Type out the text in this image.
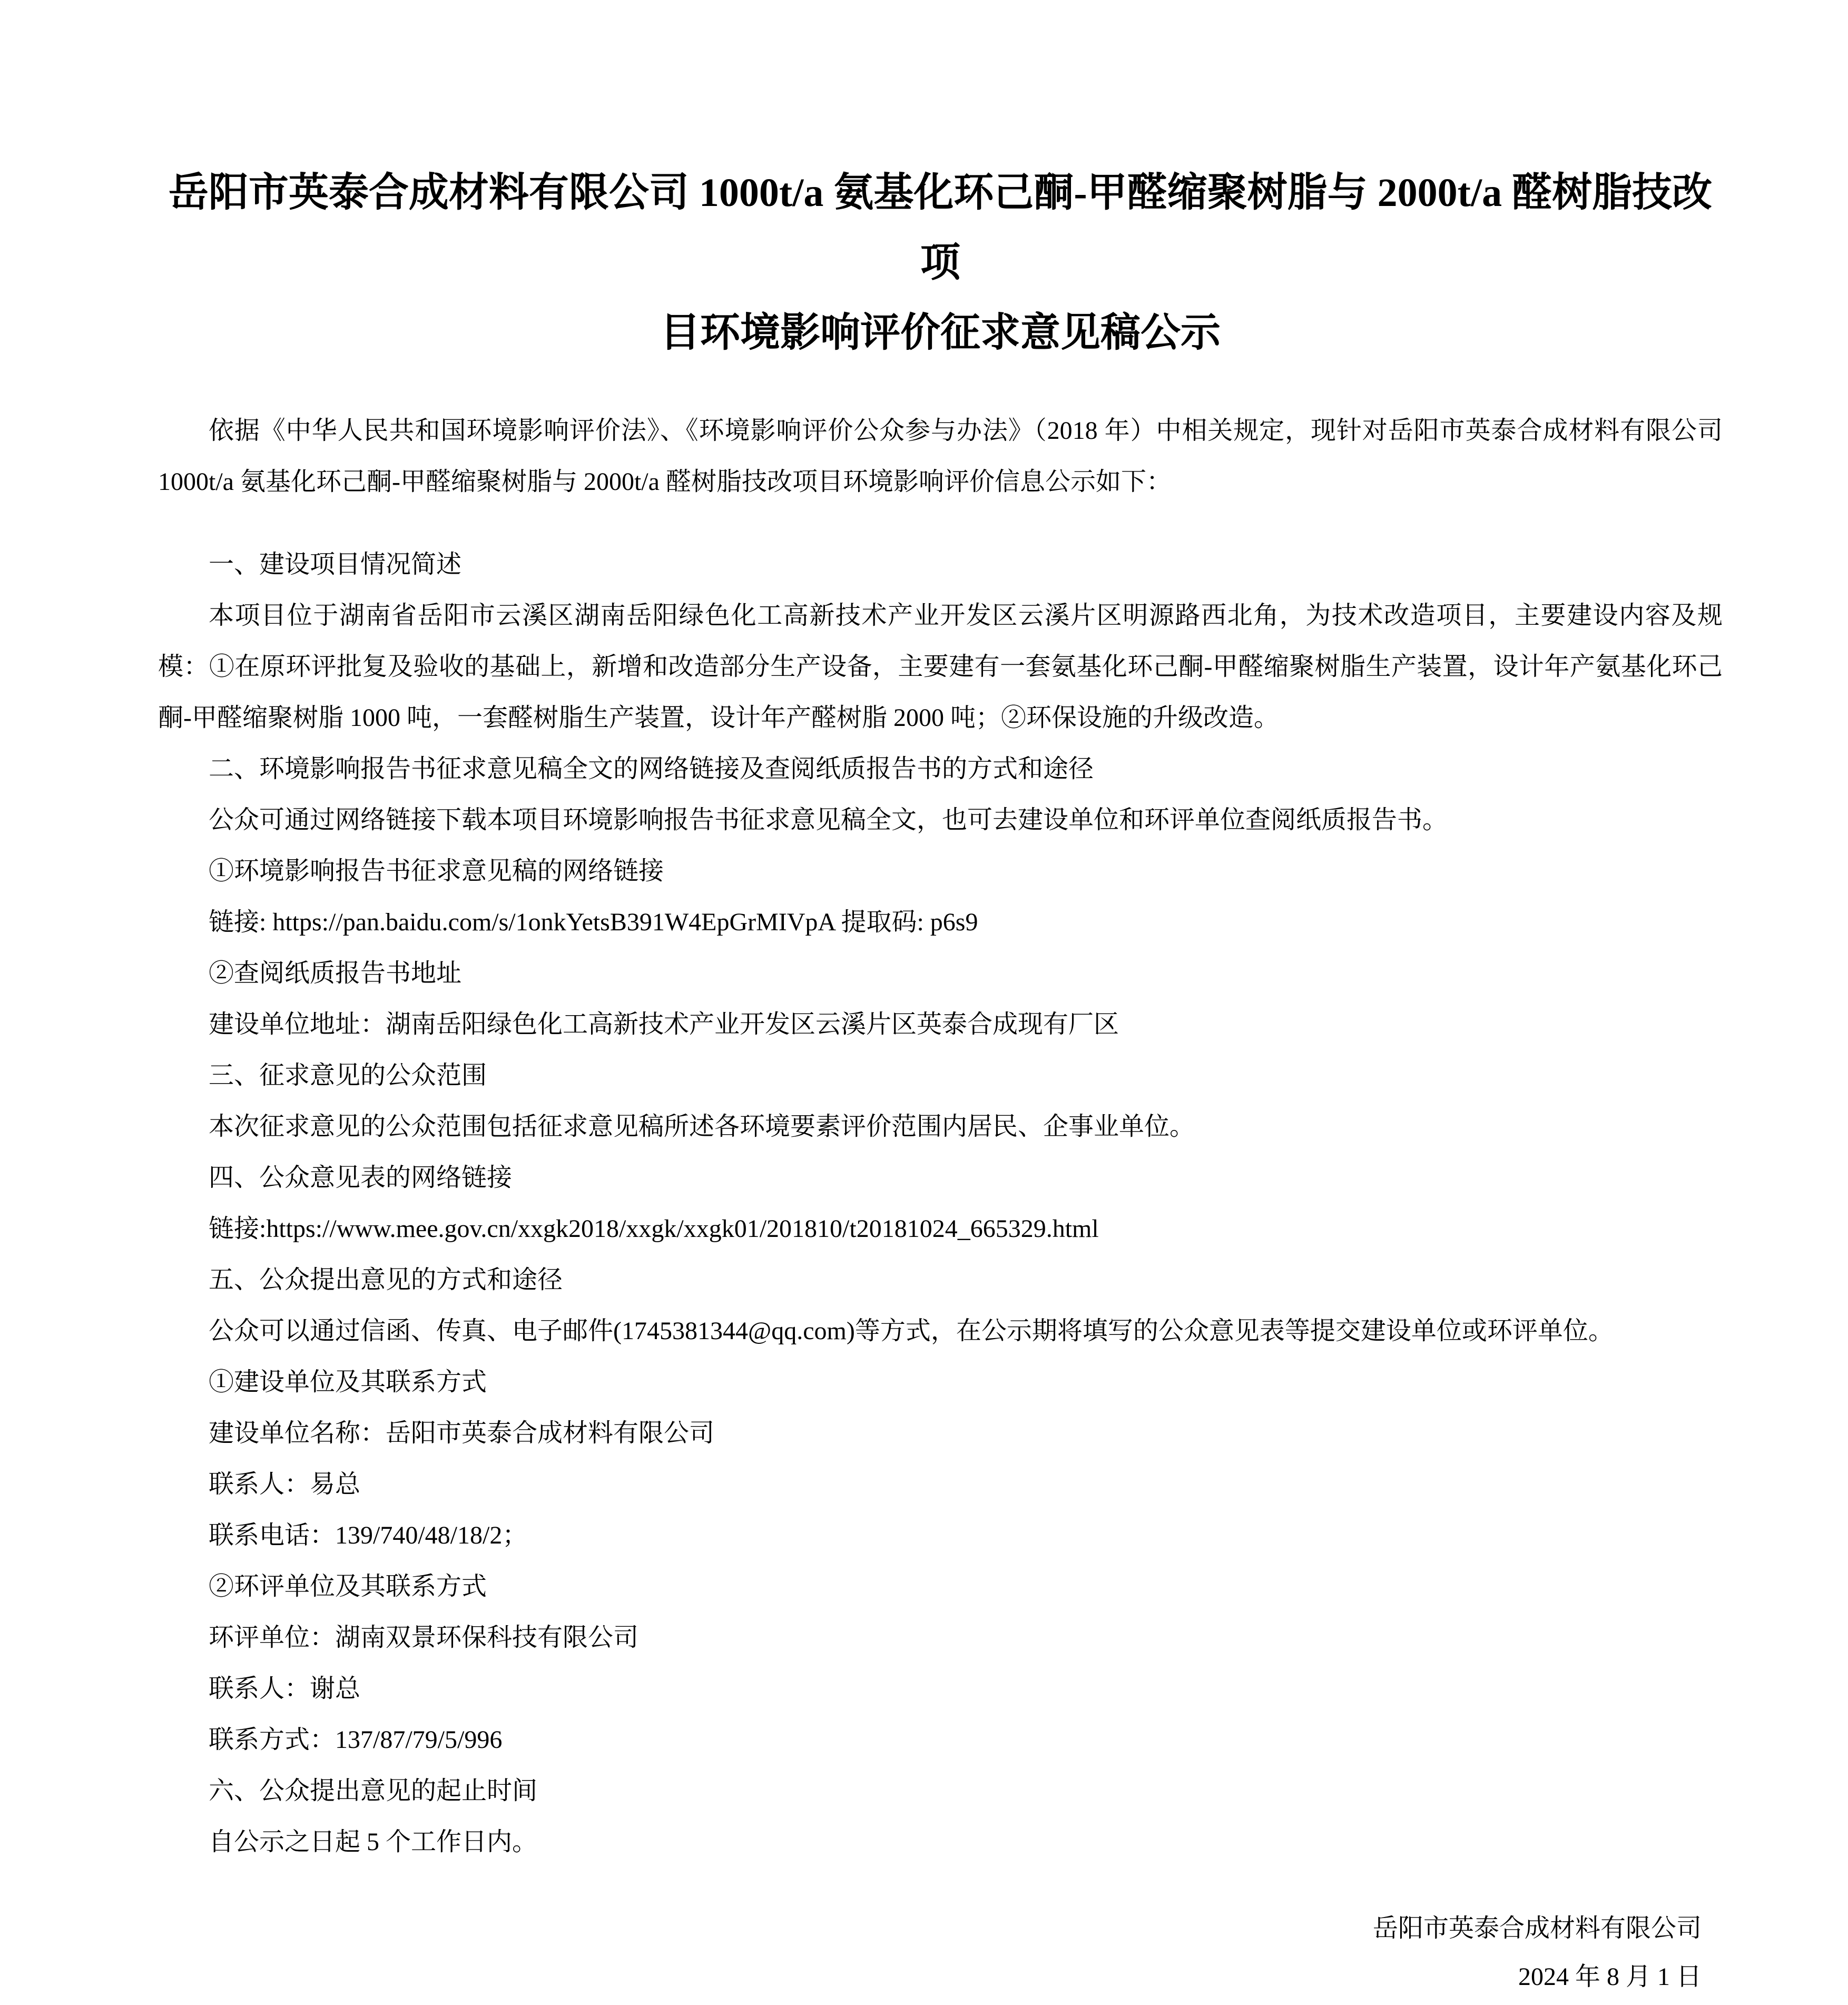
岳阳市英泰合成材料有限公司 1000t/a 氨基化环己酮-甲醛缩聚树脂与 2000t/a 醛树脂技改项
目环境影响评价征求意见稿公示

依据《中华人民共和国环境影响评价法》、《环境影响评价公众参与办法》（2018 年）中相关规定，现针对岳阳市英泰合成材料有限公司 1000t/a 氨基化环己酮-甲醛缩聚树脂与 2000t/a 醛树脂技改项目环境影响评价信息公示如下：

一、建设项目情况简述

本项目位于湖南省岳阳市云溪区湖南岳阳绿色化工高新技术产业开发区云溪片区明源路西北角，为技术改造项目，主要建设内容及规模：①在原环评批复及验收的基础上，新增和改造部分生产设备，主要建有一套氨基化环己酮-甲醛缩聚树脂生产装置，设计年产氨基化环己酮-甲醛缩聚树脂 1000 吨，一套醛树脂生产装置，设计年产醛树脂 2000 吨；②环保设施的升级改造。

二、环境影响报告书征求意见稿全文的网络链接及查阅纸质报告书的方式和途径

公众可通过网络链接下载本项目环境影响报告书征求意见稿全文，也可去建设单位和环评单位查阅纸质报告书。

①环境影响报告书征求意见稿的网络链接

链接: https://pan.baidu.com/s/1onkYetsB391W4EpGrMIVpA 提取码: p6s9

②查阅纸质报告书地址

建设单位地址：湖南岳阳绿色化工高新技术产业开发区云溪片区英泰合成现有厂区

三、征求意见的公众范围

本次征求意见的公众范围包括征求意见稿所述各环境要素评价范围内居民、企事业单位。

四、公众意见表的网络链接

链接:https://www.mee.gov.cn/xxgk2018/xxgk/xxgk01/201810/t20181024_665329.html

五、公众提出意见的方式和途径

公众可以通过信函、传真、电子邮件(1745381344@qq.com)等方式，在公示期将填写的公众意见表等提交建设单位或环评单位。

①建设单位及其联系方式

建设单位名称：岳阳市英泰合成材料有限公司

联系人：易总

联系电话：139/740/48/18/2；

②环评单位及其联系方式

环评单位：湖南双景环保科技有限公司

联系人：谢总

联系方式：137/87/79/5/996

六、公众提出意见的起止时间

自公示之日起 5 个工作日内。

岳阳市英泰合成材料有限公司
2024 年 8 月 1 日
